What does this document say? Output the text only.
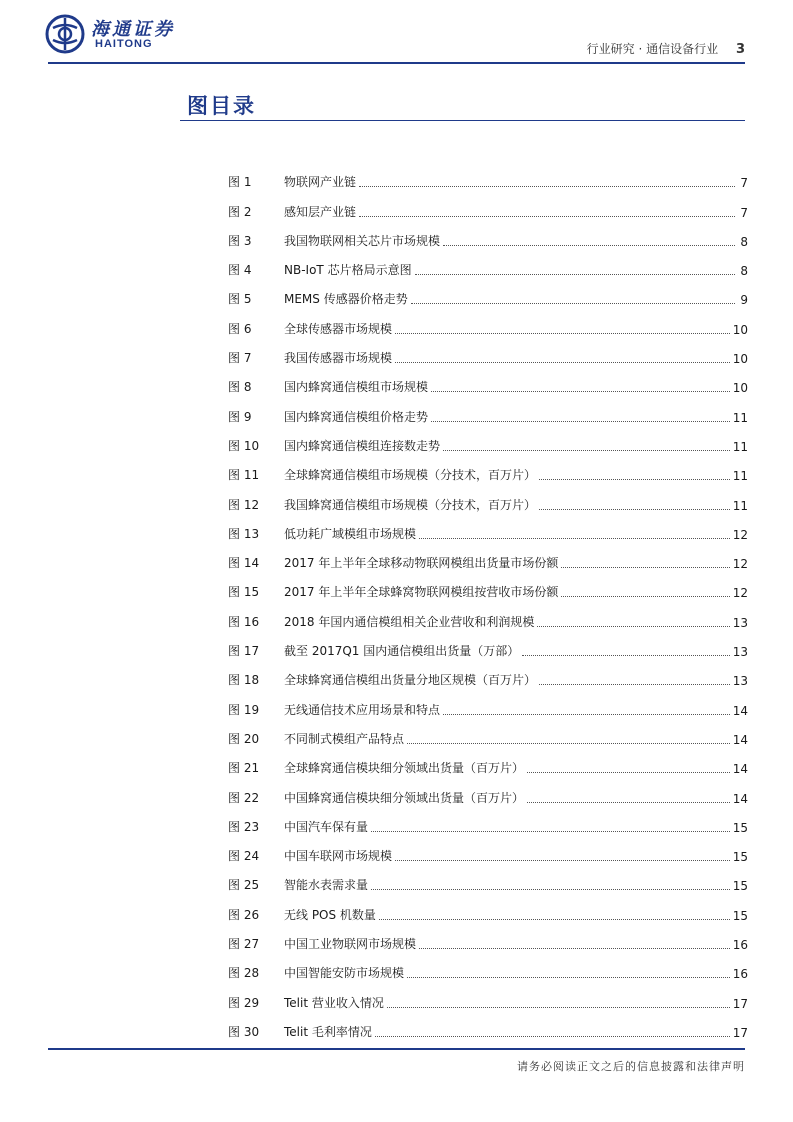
海通证券
HAITONG	行业研究 · 通信设备行业 3
图目录
图 1	物联网产业链	7
图 2	感知层产业链	7
图 3	我国物联网相关芯片市场规模	8
图 4	NB-IoT 芯片格局示意图	8
图 5	MEMS 传感器价格走势	9
图 6	全球传感器市场规模	10
图 7	我国传感器市场规模	10
图 8	国内蜂窝通信模组市场规模	10
图 9	国内蜂窝通信模组价格走势	11
图 10	国内蜂窝通信模组连接数走势	11
图 11	全球蜂窝通信模组市场规模（分技术，百万片）	11
图 12	我国蜂窝通信模组市场规模（分技术，百万片）	11
图 13	低功耗广域模组市场规模	12
图 14	2017 年上半年全球移动物联网模组出货量市场份额	12
图 15	2017 年上半年全球蜂窝物联网模组按营收市场份额	12
图 16	2018 年国内通信模组相关企业营收和利润规模	13
图 17	截至 2017Q1 国内通信模组出货量（万部）	13
图 18	全球蜂窝通信模组出货量分地区规模（百万片）	13
图 19	无线通信技术应用场景和特点	14
图 20	不同制式模组产品特点	14
图 21	全球蜂窝通信模块细分领域出货量（百万片）	14
图 22	中国蜂窝通信模块细分领域出货量（百万片）	14
图 23	中国汽车保有量	15
图 24	中国车联网市场规模	15
图 25	智能水表需求量	15
图 26	无线 POS 机数量	15
图 27	中国工业物联网市场规模	16
图 28	中国智能安防市场规模	16
图 29	Telit 营业收入情况	17
图 30	Telit 毛利率情况	17
请务必阅读正文之后的信息披露和法律声明
